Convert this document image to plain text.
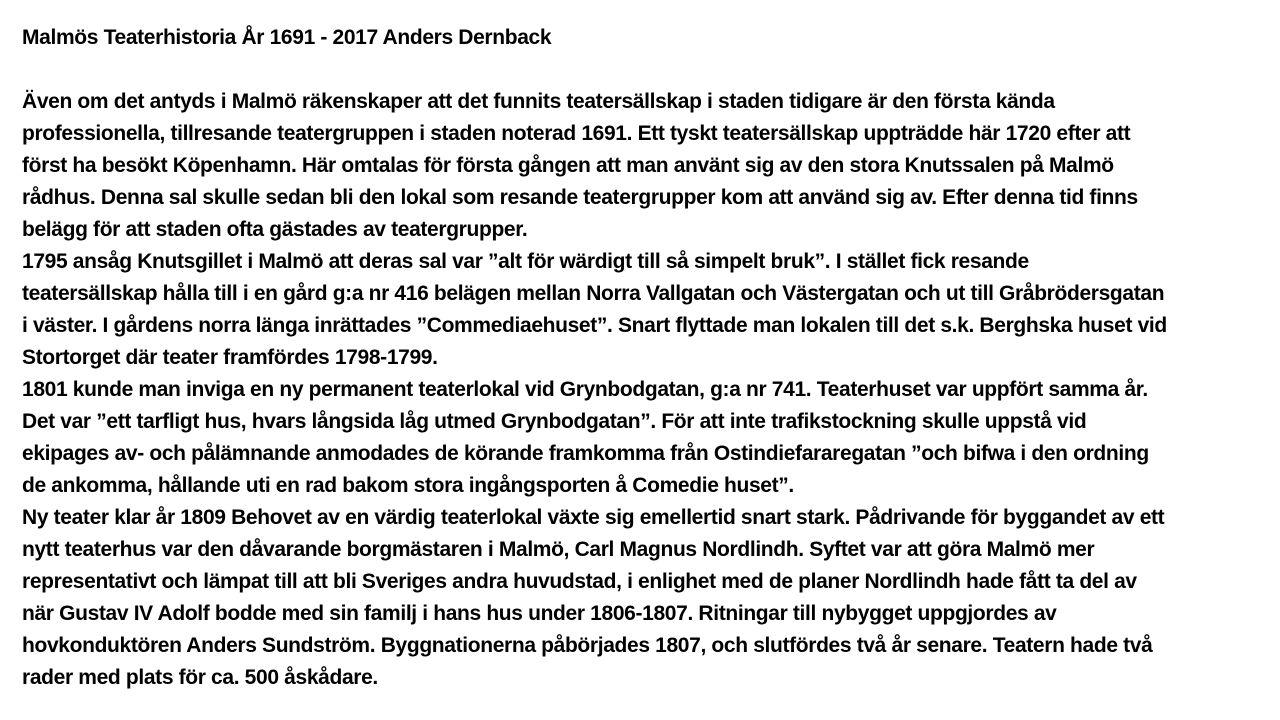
Malmös Teaterhistoria År 1691 - 2017 Anders Dernback

Även om det antyds i Malmö räkenskaper att det funnits teatersällskap i staden tidigare är den första kända
professionella, tillresande teatergruppen i staden noterad 1691. Ett tyskt teatersällskap uppträdde här 1720 efter att
först ha besökt Köpenhamn. Här omtalas för första gången att man använt sig av den stora Knutssalen på Malmö
rådhus. Denna sal skulle sedan bli den lokal som resande teatergrupper kom att använd sig av. Efter denna tid finns
belägg för att staden ofta gästades av teatergrupper.

1795 ansåg Knutsgillet i Malmö att deras sal var ”alt för wärdigt till så simpelt bruk”. I stället fick resande
teatersällskap hålla till i en gård g:a nr 416 belägen mellan Norra Vallgatan och Västergatan och ut till Gråbrödersgatan
i väster. I gårdens norra länga inrättades ”Commediaehuset”. Snart flyttade man lokalen till det s.k. Berghska huset vid
Stortorget där teater framfördes 1798-1799.

1801 kunde man inviga en ny permanent teaterlokal vid Grynbodgatan, g:a nr 741. Teaterhuset var uppfört samma år.
Det var ”ett tarfligt hus, hvars långsida låg utmed Grynbodgatan”. För att inte trafikstockning skulle uppstå vid
ekipages av- och pålämnande anmodades de körande framkomma från Ostindiefararegatan ”och bifwa i den ordning
de ankomma, hållande uti en rad bakom stora ingångsporten å Comedie huset”.

Ny teater klar år 1809 Behovet av en värdig teaterlokal växte sig emellertid snart stark. Pådrivande för byggandet av ett
nytt teaterhus var den dåvarande borgmästaren i Malmö, Carl Magnus Nordlindh. Syftet var att göra Malmö mer
representativt och lämpat till att bli Sveriges andra huvudstad, i enlighet med de planer Nordlindh hade fått ta del av
när Gustav IV Adolf bodde med sin familj i hans hus under 1806-1807. Ritningar till nybygget uppgjordes av
hovkonduktören Anders Sundström. Byggnationerna påbörjades 1807, och slutfördes två år senare. Teatern hade två
rader med plats för ca. 500 åskådare.
